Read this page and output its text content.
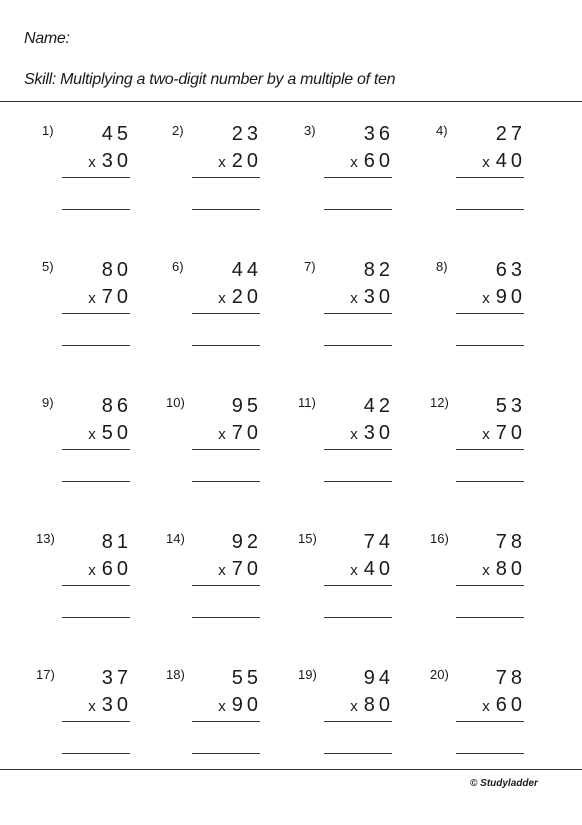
Name:
Skill: Multiplying a two-digit number by a multiple of ten
1) 45
x30
2) 23
x20
3) 36
x60
4) 27
x40
5) 80
x70
6) 44
x20
7) 82
x30
8) 63
x90
9) 86
x50
10) 95
x70
11) 42
x30
12) 53
x70
13) 81
x60
14) 92
x70
15) 74
x40
16) 78
x80
17) 37
x30
18) 55
x90
19) 94
x80
20) 78
x60
© Studyladder
